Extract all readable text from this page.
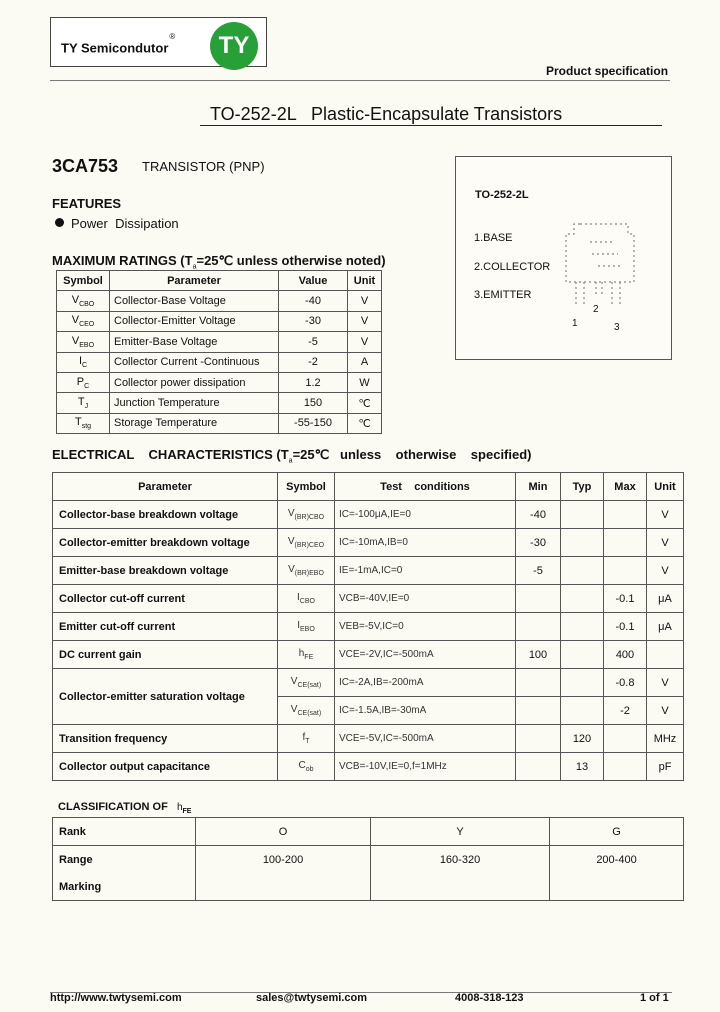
TY Semicondutor®	TY
Product specification
TO-252-2L   Plastic-Encapsulate Transistors
3CA753 TRANSISTOR (PNP)
FEATURES
Power  Dissipation
MAXIMUM RATINGS ($T_a=25℃$ unless otherwise noted)
Symbol	Parameter	Value	Unit
$V_{CBO}$	Collector-Base Voltage	-40	V
$V_{CEO}$	Collector-Emitter Voltage	-30	V
$V_{EBO}$	Emitter-Base Voltage	-5	V
$I_C$	Collector Current -Continuous	-2	A
$P_C$	Collector power dissipation	1.2	W
$T_J$	Junction Temperature	150	℃
$T_{stg}$	Storage Temperature	-55-150	℃
TO-252-2L
1.BASE
2.COLLECTOR
3.EMITTER
1
2
3
ELECTRICAL    CHARACTERISTICS ($T_a=25℃$   unless    otherwise    specified)
Parameter	Symbol	Test    conditions	Min	Typ	Max	Unit
Collector-base breakdown voltage	$V_{(BR)CBO}$	IC=-100μA,IE=0	-40			V
Collector-emitter breakdown voltage	$V_{(BR)CEO}$	IC=-10mA,IB=0	-30			V
Emitter-base breakdown voltage	$V_{(BR)EBO}$	IE=-1mA,IC=0	-5			V
Collector cut-off current	$I_{CBO}$	VCB=-40V,IE=0			-0.1	μA
Emitter cut-off current	$I_{EBO}$	VEB=-5V,IC=0			-0.1	μA
DC current gain	$h_{FE}$	VCE=-2V,IC=-500mA	100		400	
Collector-emitter saturation voltage	$V_{CE(sat)}$	IC=-2A,IB=-200mA			-0.8	V
	$V_{CE(sat)}$	IC=-1.5A,IB=-30mA			-2	V
Transition frequency	$f_T$	VCE=-5V,IC=-500mA		120		MHz
Collector output capacitance	$C_{ob}$	VCB=-10V,IE=0,f=1MHz		13		pF
CLASSIFICATION OF $h_{FE}$
Rank	O	Y	G
Range	100-200	160-320	200-400
Marking			
http://www.twtysemi.com	sales@twtysemi.com	4008-318-123	1 of 1
